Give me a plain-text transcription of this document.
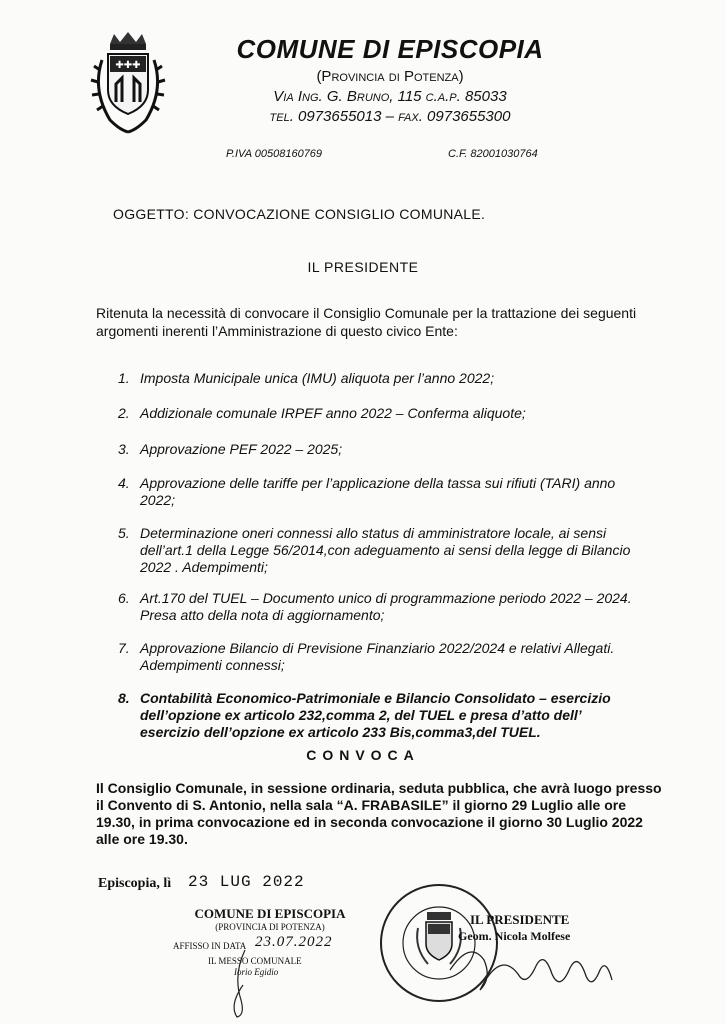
✚✚✚
COMUNE DI EPISCOPIA
(Provincia di Potenza)
Via Ing. G. Bruno, 115 c.a.p. 85033
tel. 0973655013 – fax. 0973655300
P.IVA 00508160769	C.F. 82001030764
OGGETTO: CONVOCAZIONE CONSIGLIO COMUNALE.
IL PRESIDENTE
Ritenuta la necessità di convocare il Consiglio Comunale per la trattazione dei seguenti argomenti inerenti l’Amministrazione di questo civico Ente:
1. Imposta Municipale unica (IMU) aliquota per l’anno 2022;
2. Addizionale comunale IRPEF anno 2022 – Conferma aliquote;
3. Approvazione PEF 2022 – 2025;
4. Approvazione delle tariffe per l’applicazione della tassa sui rifiuti (TARI) anno 2022;
5. Determinazione oneri connessi allo status di amministratore locale, ai sensi dell’art.1 della Legge 56/2014,con adeguamento ai sensi della legge di Bilancio 2022 . Adempimenti;
6. Art.170 del TUEL – Documento unico di programmazione periodo 2022 – 2024. Presa atto della nota di aggiornamento;
7. Approvazione Bilancio di Previsione Finanziario 2022/2024 e relativi Allegati. Adempimenti connessi;
8. Contabilità Economico-Patrimoniale e Bilancio Consolidato – esercizio dell’opzione ex articolo 232,comma 2, del TUEL e presa d’atto dell’ esercizio dell’opzione ex articolo 233 Bis,comma3,del TUEL.
CONVOCA
Il Consiglio Comunale, in sessione ordinaria, seduta pubblica, che avrà luogo presso il Convento di S. Antonio, nella sala “A. FRABASILE” il giorno 29 Luglio alle ore 19.30, in prima convocazione ed in seconda convocazione il giorno 30 Luglio 2022 alle ore 19.30.
Episcopia, lì 23 LUG 2022
COMUNE DI EPISCOPIA
(PROVINCIA DI POTENZA)
AFFISSO IN DATA 23.07.2022
IL MESSO COMUNALE
Iorio Egidio
IL PRESIDENTE
Geom. Nicola Molfese
